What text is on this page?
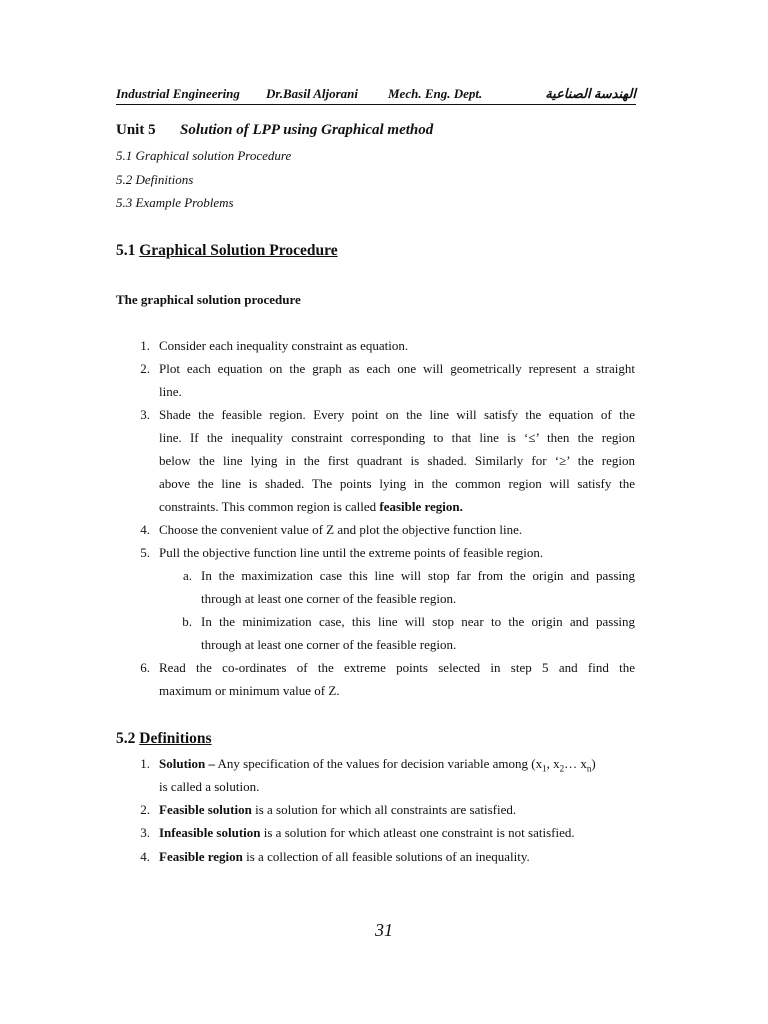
Industrial Engineering Dr.Basil Aljorani Mech. Eng. Dept.	الهندسة الصناعية
Unit 5 Solution of LPP using Graphical method
5.1 Graphical solution Procedure
5.2 Definitions
5.3 Example Problems
5.1 Graphical Solution Procedure
The graphical solution procedure
1. Consider each inequality constraint as equation.
2. Plot each equation on the graph as each one will geometrically represent a straight
line.
3. Shade the feasible region. Every point on the line will satisfy the equation of the
line. If the inequality constraint corresponding to that line is ‘≤’ then the region
below the line lying in the first quadrant is shaded. Similarly for ‘≥’ the region
above the line is shaded. The points lying in the common region will satisfy the
constraints. This common region is called feasible region.
4. Choose the convenient value of Z and plot the objective function line.
5. Pull the objective function line until the extreme points of feasible region.
a. In the maximization case this line will stop far from the origin and passing
through at least one corner of the feasible region.
b. In the minimization case, this line will stop near to the origin and passing
through at least one corner of the feasible region.
6. Read the co-ordinates of the extreme points selected in step 5 and find the
maximum or minimum value of Z.
5.2 Definitions
1. Solution – Any specification of the values for decision variable among ($x_1$, $x_2\dots$ $x_n$)
is called a solution.
2. Feasible solution is a solution for which all constraints are satisfied.
3. Infeasible solution is a solution for which atleast one constraint is not satisfied.
4. Feasible region is a collection of all feasible solutions of an inequality.
31
